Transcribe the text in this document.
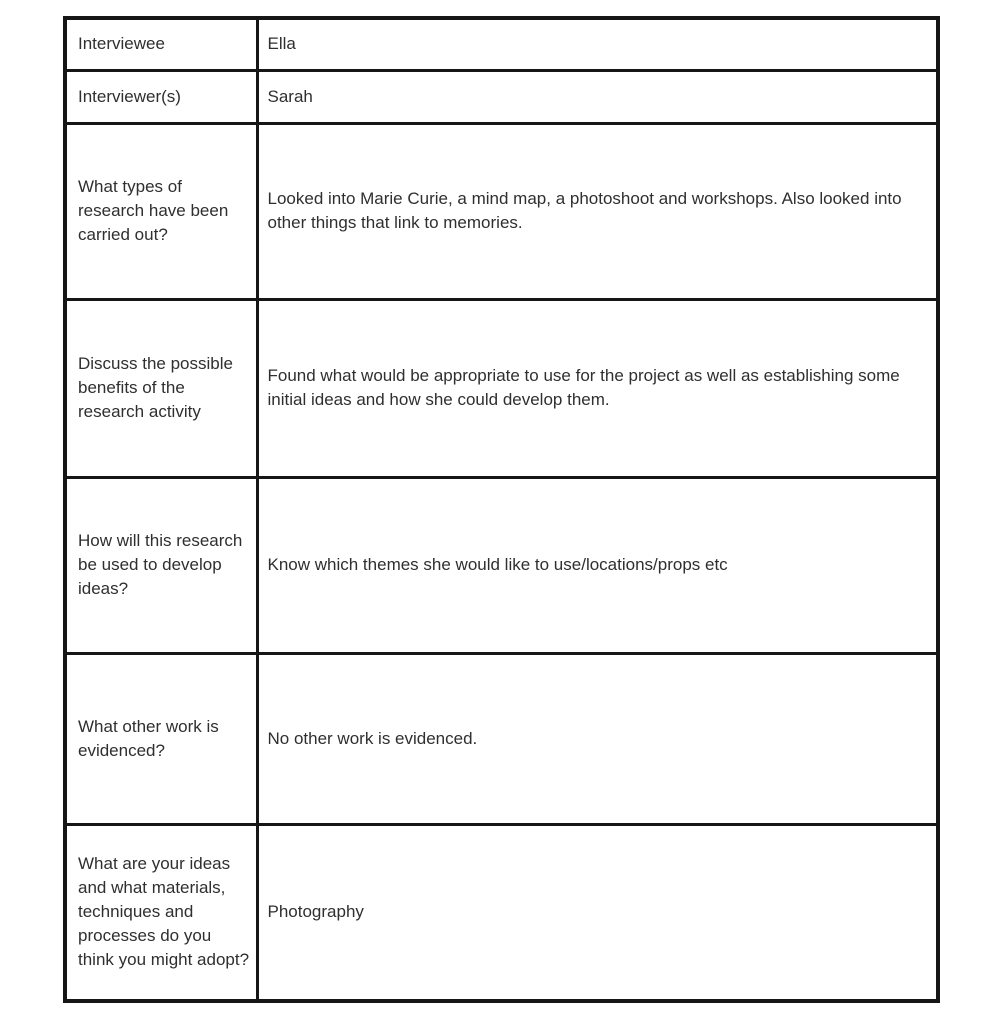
Interviewee	Ella

Interviewer(s)	Sarah

What types of research have been carried out?	Looked into Marie Curie, a mind map, a photoshoot and workshops. Also looked into other things that link to memories.

Discuss the possible benefits of the research activity	Found what would be appropriate to use for the project as well as establishing some initial ideas and how she could develop them.

How will this research be used to develop ideas?	Know which themes she would like to use/locations/props etc

What other work is evidenced?	No other work is evidenced.

What are your ideas and what materials, techniques and processes do you think you might adopt?	Photography
